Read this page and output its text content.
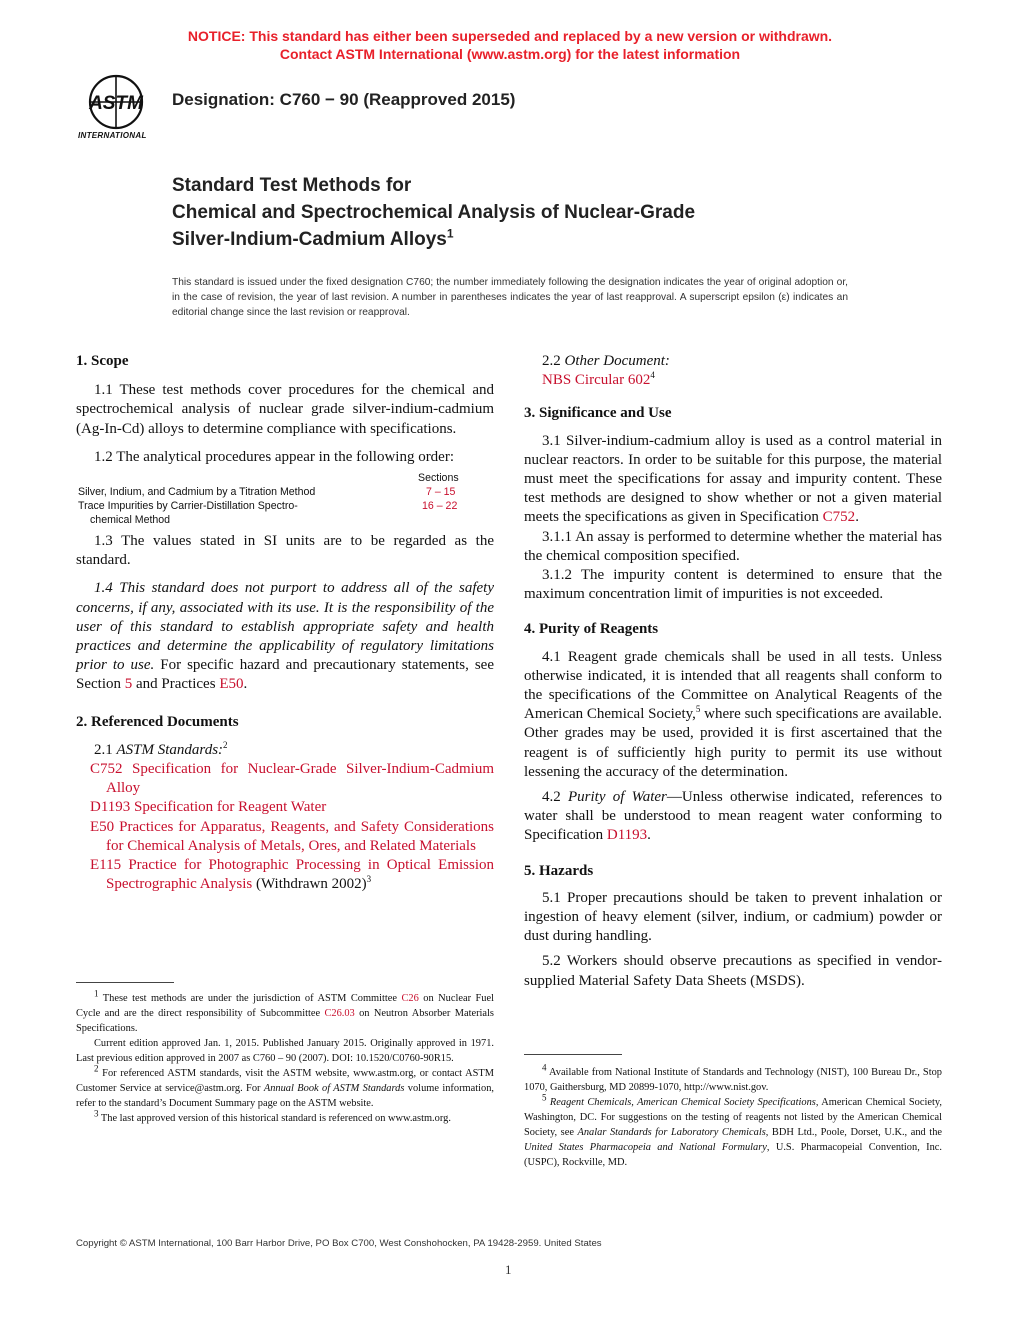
NOTICE: This standard has either been superseded and replaced by a new version or withdrawn.
Contact ASTM International (www.astm.org) for the latest information
ASTM
INTERNATIONAL
Designation: C760 − 90 (Reapproved 2015)
Standard Test Methods for
Chemical and Spectrochemical Analysis of Nuclear-Grade
Silver-Indium-Cadmium Alloys$^1$
This standard is issued under the fixed designation C760; the number immediately following the designation indicates the year of original adoption or, in the case of revision, the year of last revision. A number in parentheses indicates the year of last reapproval. A superscript epsilon (ε) indicates an editorial change since the last revision or reapproval.
1. Scope

1.1 These test methods cover procedures for the chemical and spectrochemical analysis of nuclear grade silver-indium-cadmium (Ag-In-Cd) alloys to determine compliance with specifications.

1.2 The analytical procedures appear in the following order:

Sections
Silver, Indium, and Cadmium by a Titration Method	7 – 15
Trace Impurities by Carrier-Distillation Spectro-	16 – 22
chemical Method

1.3 The values stated in SI units are to be regarded as the standard.

1.4 This standard does not purport to address all of the safety concerns, if any, associated with its use. It is the responsibility of the user of this standard to establish appropriate safety and health practices and determine the applicability of regulatory limitations prior to use. For specific hazard and precautionary statements, see Section 5 and Practices E50.

2. Referenced Documents

2.1 ASTM Standards:$^2$

C752 Specification for Nuclear-Grade Silver-Indium-Cadmium Alloy

D1193 Specification for Reagent Water

E50 Practices for Apparatus, Reagents, and Safety Considerations for Chemical Analysis of Metals, Ores, and Related Materials

E115 Practice for Photographic Processing in Optical Emission Spectrographic Analysis (Withdrawn 2002)$^3$

$^1$ These test methods are under the jurisdiction of ASTM Committee C26 on Nuclear Fuel Cycle and are the direct responsibility of Subcommittee C26.03 on Neutron Absorber Materials Specifications.

Current edition approved Jan. 1, 2015. Published January 2015. Originally approved in 1971. Last previous edition approved in 2007 as C760 – 90 (2007). DOI: 10.1520/C0760-90R15.

$^2$ For referenced ASTM standards, visit the ASTM website, www.astm.org, or contact ASTM Customer Service at service@astm.org. For Annual Book of ASTM Standards volume information, refer to the standard’s Document Summary page on the ASTM website.

$^3$ The last approved version of this historical standard is referenced on www.astm.org.

2.2 Other Document:

NBS Circular $602^4$

3. Significance and Use

3.1 Silver-indium-cadmium alloy is used as a control material in nuclear reactors. In order to be suitable for this purpose, the material must meet the specifications for assay and impurity content. These test methods are designed to show whether or not a given material meets the specifications as given in Specification C752.

3.1.1 An assay is performed to determine whether the material has the chemical composition specified.

3.1.2 The impurity content is determined to ensure that the maximum concentration limit of impurities is not exceeded.

4. Purity of Reagents

4.1 Reagent grade chemicals shall be used in all tests. Unless otherwise indicated, it is intended that all reagents shall conform to the specifications of the Committee on Analytical Reagents of the American Chemical Society,$^5$ where such specifications are available. Other grades may be used, provided it is first ascertained that the reagent is of sufficiently high purity to permit its use without lessening the accuracy of the determination.

4.2 Purity of Water—Unless otherwise indicated, references to water shall be understood to mean reagent water conforming to Specification D1193.

5. Hazards

5.1 Proper precautions should be taken to prevent inhalation or ingestion of heavy element (silver, indium, or cadmium) powder or dust during handling.

5.2 Workers should observe precautions as specified in vendor-supplied Material Safety Data Sheets (MSDS).

$^4$ Available from National Institute of Standards and Technology (NIST), 100 Bureau Dr., Stop 1070, Gaithersburg, MD 20899-1070, http://www.nist.gov.

$^5$ Reagent Chemicals, American Chemical Society Specifications, American Chemical Society, Washington, DC. For suggestions on the testing of reagents not listed by the American Chemical Society, see Analar Standards for Laboratory Chemicals, BDH Ltd., Poole, Dorset, U.K., and the United States Pharmacopeia and National Formulary, U.S. Pharmacopeial Convention, Inc. (USPC), Rockville, MD.

Copyright © ASTM International, 100 Barr Harbor Drive, PO Box C700, West Conshohocken, PA 19428-2959. United States
1
